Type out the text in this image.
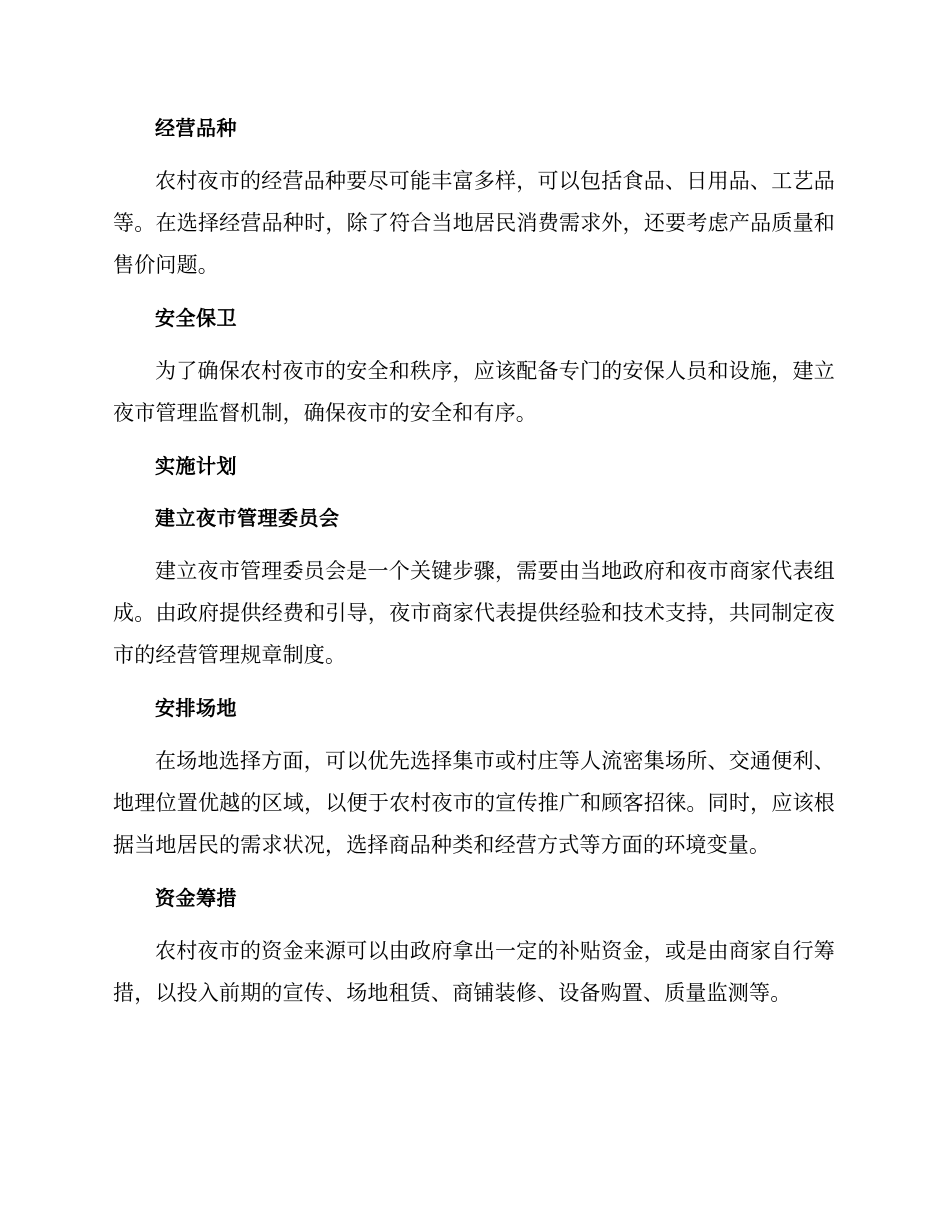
经营品种
农村夜市的经营品种要尽可能丰富多样，可以包括食品、日用品、工艺品等。在选择经营品种时，除了符合当地居民消费需求外，还要考虑产品质量和售价问题。
安全保卫
为了确保农村夜市的安全和秩序，应该配备专门的安保人员和设施，建立夜市管理监督机制，确保夜市的安全和有序。
实施计划
建立夜市管理委员会
建立夜市管理委员会是一个关键步骤，需要由当地政府和夜市商家代表组成。由政府提供经费和引导，夜市商家代表提供经验和技术支持，共同制定夜市的经营管理规章制度。
安排场地
在场地选择方面，可以优先选择集市或村庄等人流密集场所、交通便利、地理位置优越的区域，以便于农村夜市的宣传推广和顾客招徕。同时，应该根据当地居民的需求状况，选择商品种类和经营方式等方面的环境变量。
资金筹措
农村夜市的资金来源可以由政府拿出一定的补贴资金，或是由商家自行筹措，以投入前期的宣传、场地租赁、商铺装修、设备购置、质量监测等。
